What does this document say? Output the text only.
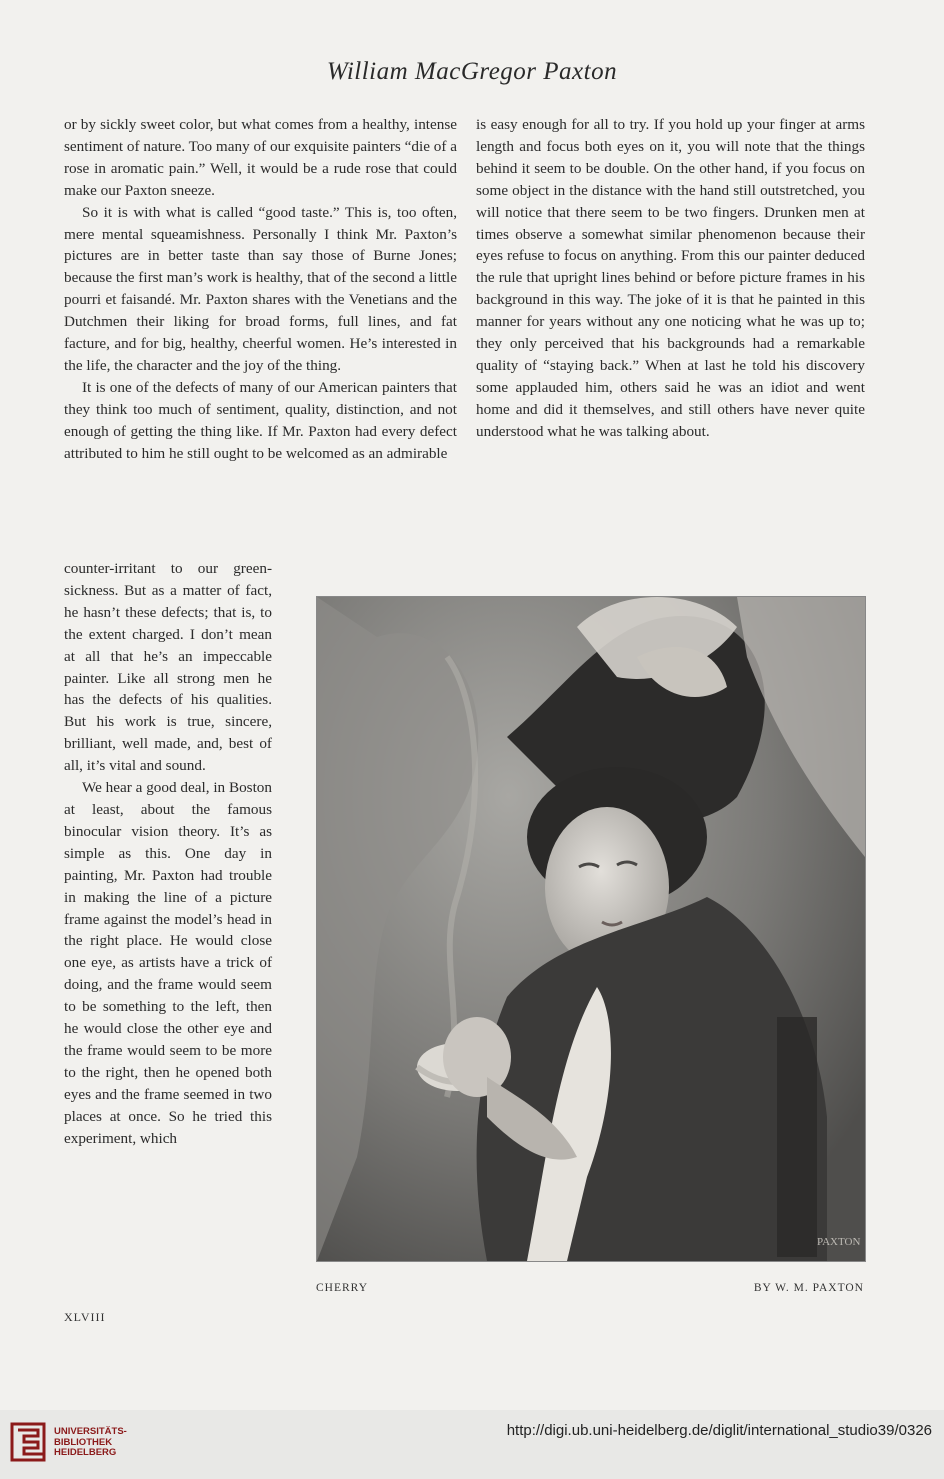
William MacGregor Paxton

or by sickly sweet color, but what comes from a healthy, intense sentiment of nature. Too many of our exquisite painters “die of a rose in aromatic pain.” Well, it would be a rude rose that could make our Paxton sneeze.

So it is with what is called “good taste.” This is, too often, mere mental squeamishness. Personally I think Mr. Paxton’s pictures are in better taste than say those of Burne Jones; because the first man’s work is healthy, that of the second a little pourri et faisandé. Mr. Paxton shares with the Venetians and the Dutchmen their liking for broad forms, full lines, and fat facture, and for big, healthy, cheerful women. He’s interested in the life, the character and the joy of the thing.

It is one of the defects of many of our American painters that they think too much of sentiment, quality, distinction, and not enough of getting the thing like. If Mr. Paxton had every defect attributed to him he still ought to be welcomed as an admirable

counter-irritant to our green-sickness. But as a matter of fact, he hasn’t these defects; that is, to the extent charged. I don’t mean at all that he’s an impeccable painter. Like all strong men he has the defects of his qualities. But his work is true, sincere, brilliant, well made, and, best of all, it’s vital and sound.

We hear a good deal, in Boston at least, about the famous binocular vision theory. It’s as simple as this. One day in painting, Mr. Paxton had trouble in making the line of a picture frame against the model’s head in the right place. He would close one eye, as artists have a trick of doing, and the frame would seem to be something to the left, then he would close the other eye and the frame would seem to be more to the right, then he opened both eyes and the frame seemed in two places at once. So he tried this experiment, which

is easy enough for all to try. If you hold up your finger at arms length and focus both eyes on it, you will note that the things behind it seem to be double. On the other hand, if you focus on some object in the distance with the hand still outstretched, you will notice that there seem to be two fingers. Drunken men at times observe a somewhat similar phenomenon because their eyes refuse to focus on anything. From this our painter deduced the rule that upright lines behind or before picture frames in his background in this way. The joke of it is that he painted in this manner for years without any one noticing what he was up to; they only perceived that his backgrounds had a remarkable quality of “staying back.” When at last he told his discovery some applauded him, others said he was an idiot and went home and did it themselves, and still others have never quite understood what he was talking about.

PAXTON
CHERRY	BY W. M. PAXTON
XLVIII
UNIVERSITÄTS-
BIBLIOTHEK
HEIDELBERG
http://digi.ub.uni-heidelberg.de/diglit/international_studio39/0326
